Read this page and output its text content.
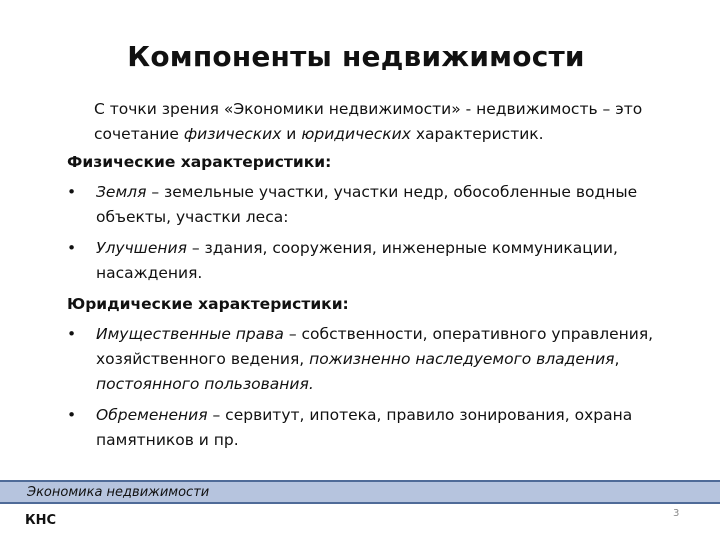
Компоненты недвижимости
С точки зрения «Экономики недвижимости» - недвижимость – это сочетание физических и юридических характеристик.
Физические характеристики:
• Земля – земельные участки, участки недр, обособленные водные объекты, участки леса:
• Улучшения – здания, сооружения, инженерные коммуникации, насаждения.
Юридические характеристики:
• Имущественные права – собственности, оперативного управления, хозяйственного ведения, пожизненно наследуемого владения, постоянного пользования.
• Обременения – сервитут, ипотека, правило зонирования, охрана памятников и пр.
Экономика недвижимости
КНС	3
